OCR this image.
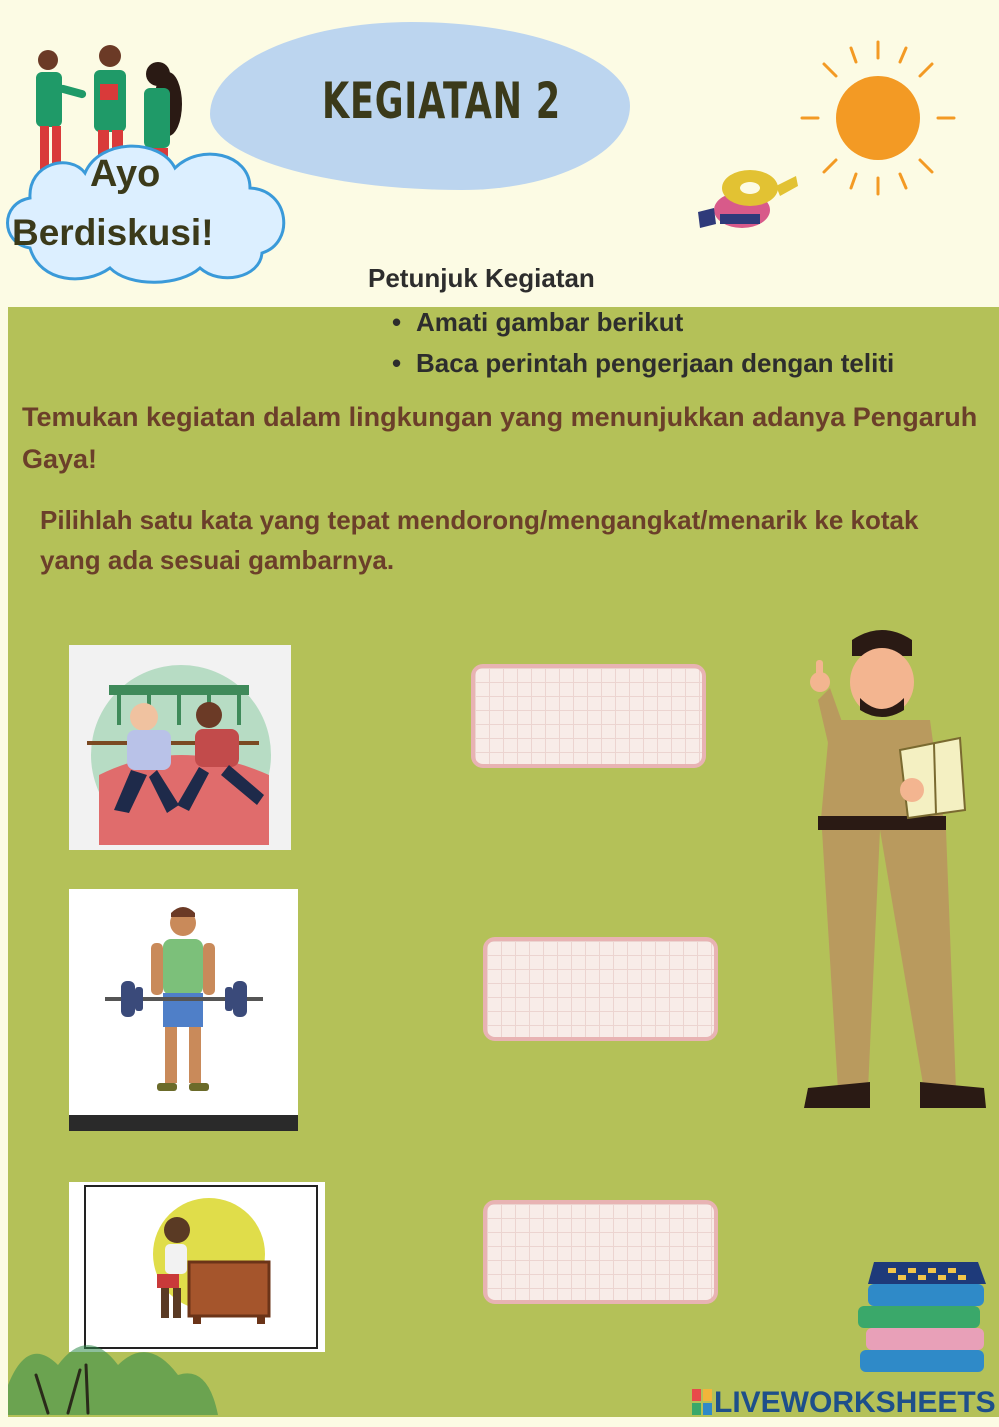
KEGIATAN 2
Ayo
Berdiskusi!
Petunjuk Kegiatan
• Amati gambar berikut
• Baca perintah pengerjaan dengan teliti
Temukan kegiatan dalam lingkungan yang menunjukkan adanya Pengaruh Gaya!
Pilihlah satu kata yang tepat mendorong/mengangkat/menarik ke kotak yang ada sesuai gambarnya.
LIVEWORKSHEETS
